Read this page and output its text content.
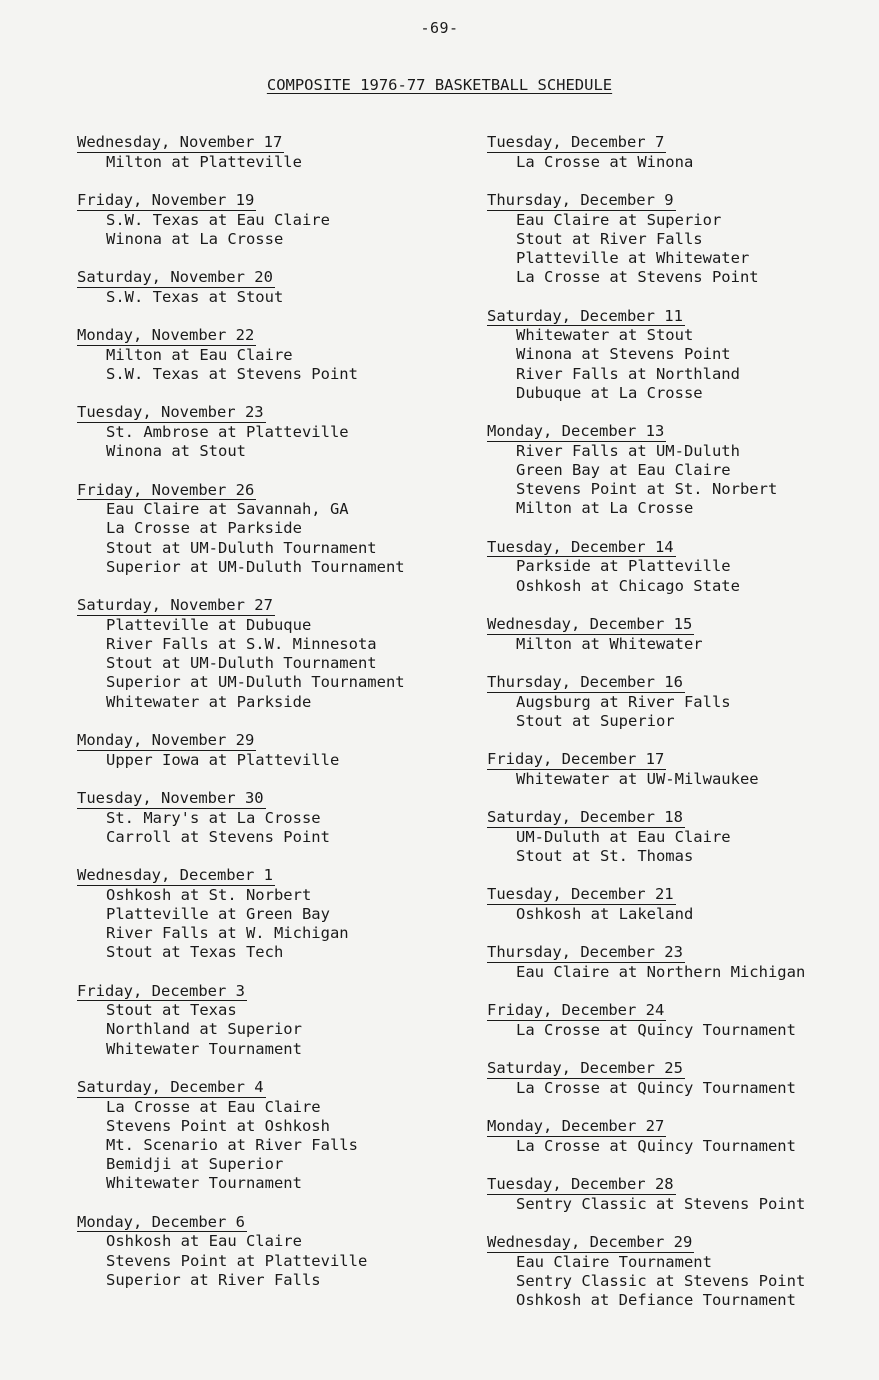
-69-
COMPOSITE 1976-77 BASKETBALL SCHEDULE
Wednesday, November 17
Milton at Platteville
Friday, November 19
S.W. Texas at Eau Claire
Winona at La Crosse
Saturday, November 20
S.W. Texas at Stout
Monday, November 22
Milton at Eau Claire
S.W. Texas at Stevens Point
Tuesday, November 23
St. Ambrose at Platteville
Winona at Stout
Friday, November 26
Eau Claire at Savannah, GA
La Crosse at Parkside
Stout at UM-Duluth Tournament
Superior at UM-Duluth Tournament
Saturday, November 27
Platteville at Dubuque
River Falls at S.W. Minnesota
Stout at UM-Duluth Tournament
Superior at UM-Duluth Tournament
Whitewater at Parkside
Monday, November 29
Upper Iowa at Platteville
Tuesday, November 30
St. Mary's at La Crosse
Carroll at Stevens Point
Wednesday, December 1
Oshkosh at St. Norbert
Platteville at Green Bay
River Falls at W. Michigan
Stout at Texas Tech
Friday, December 3
Stout at Texas
Northland at Superior
Whitewater Tournament
Saturday, December 4
La Crosse at Eau Claire
Stevens Point at Oshkosh
Mt. Scenario at River Falls
Bemidji at Superior
Whitewater Tournament
Monday, December 6
Oshkosh at Eau Claire
Stevens Point at Platteville
Superior at River Falls
Tuesday, December 7
La Crosse at Winona
Thursday, December 9
Eau Claire at Superior
Stout at River Falls
Platteville at Whitewater
La Crosse at Stevens Point
Saturday, December 11
Whitewater at Stout
Winona at Stevens Point
River Falls at Northland
Dubuque at La Crosse
Monday, December 13
River Falls at UM-Duluth
Green Bay at Eau Claire
Stevens Point at St. Norbert
Milton at La Crosse
Tuesday, December 14
Parkside at Platteville
Oshkosh at Chicago State
Wednesday, December 15
Milton at Whitewater
Thursday, December 16
Augsburg at River Falls
Stout at Superior
Friday, December 17
Whitewater at UW-Milwaukee
Saturday, December 18
UM-Duluth at Eau Claire
Stout at St. Thomas
Tuesday, December 21
Oshkosh at Lakeland
Thursday, December 23
Eau Claire at Northern Michigan
Friday, December 24
La Crosse at Quincy Tournament
Saturday, December 25
La Crosse at Quincy Tournament
Monday, December 27
La Crosse at Quincy Tournament
Tuesday, December 28
Sentry Classic at Stevens Point
Wednesday, December 29
Eau Claire Tournament
Sentry Classic at Stevens Point
Oshkosh at Defiance Tournament
